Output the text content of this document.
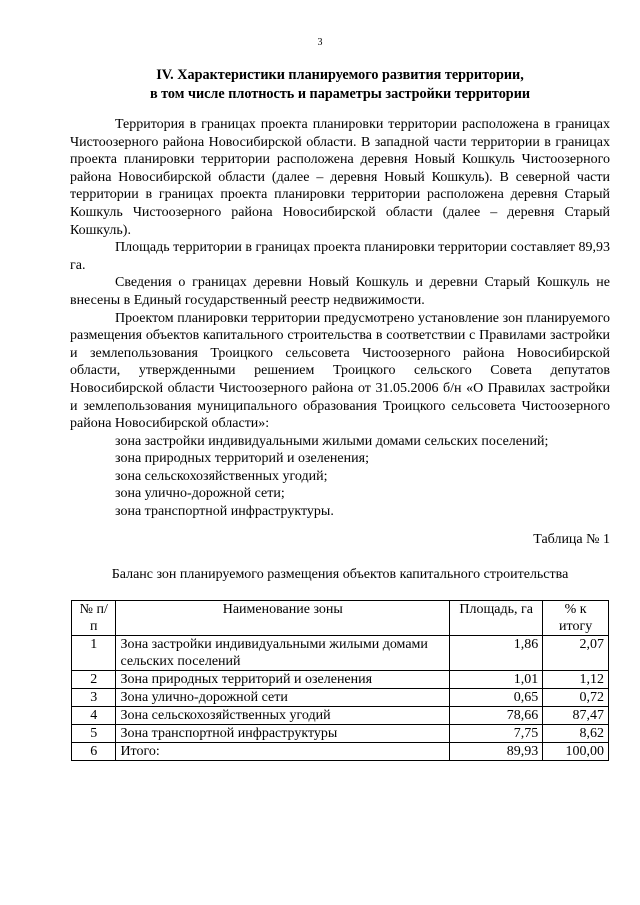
3
IV. Характеристики планируемого развития территории,
в том числе плотность и параметры застройки территории

Территория в границах проекта планировки территории расположена в границах Чистоозерного района Новосибирской области. В западной части территории в границах проекта планировки территории расположена деревня Новый Кошкуль Чистоозерного района Новосибирской области (далее – деревня Новый Кошкуль). В северной части территории в границах проекта планировки территории расположена деревня Старый Кошкуль Чистоозерного района Новосибирской области (далее – деревня Старый Кошкуль).

Площадь территории в границах проекта планировки территории составляет 89,93 га.

Сведения о границах деревни Новый Кошкуль и деревни Старый Кошкуль не внесены в Единый государственный реестр недвижимости.

Проектом планировки территории предусмотрено установление зон планируемого размещения объектов капитального строительства в соответствии с Правилами застройки и землепользования Троицкого сельсовета Чистоозерного района Новосибирской области, утвержденными решением Троицкого сельского Совета депутатов Новосибирской области Чистоозерного района от 31.05.2006 б/н «О Правилах застройки и землепользования муниципального образования Троицкого сельсовета Чистоозерного района Новосибирской области»:

зона застройки индивидуальными жилыми домами сельских поселений;

зона природных территорий и озеленения;

зона сельскохозяйственных угодий;

зона улично-дорожной сети;

зона транспортной инфраструктуры.

Таблица № 1
Баланс зон планируемого размещения объектов капитального строительства
№ п/п	Наименование зоны	Площадь, га	% к итогу
1	Зона застройки индивидуальными жилыми домами сельских поселений	1,86	2,07
2	Зона природных территорий и озеленения	1,01	1,12
3	Зона улично-дорожной сети	0,65	0,72
4	Зона сельскохозяйственных угодий	78,66	87,47
5	Зона транспортной инфраструктуры	7,75	8,62
6	Итого:	89,93	100,00
